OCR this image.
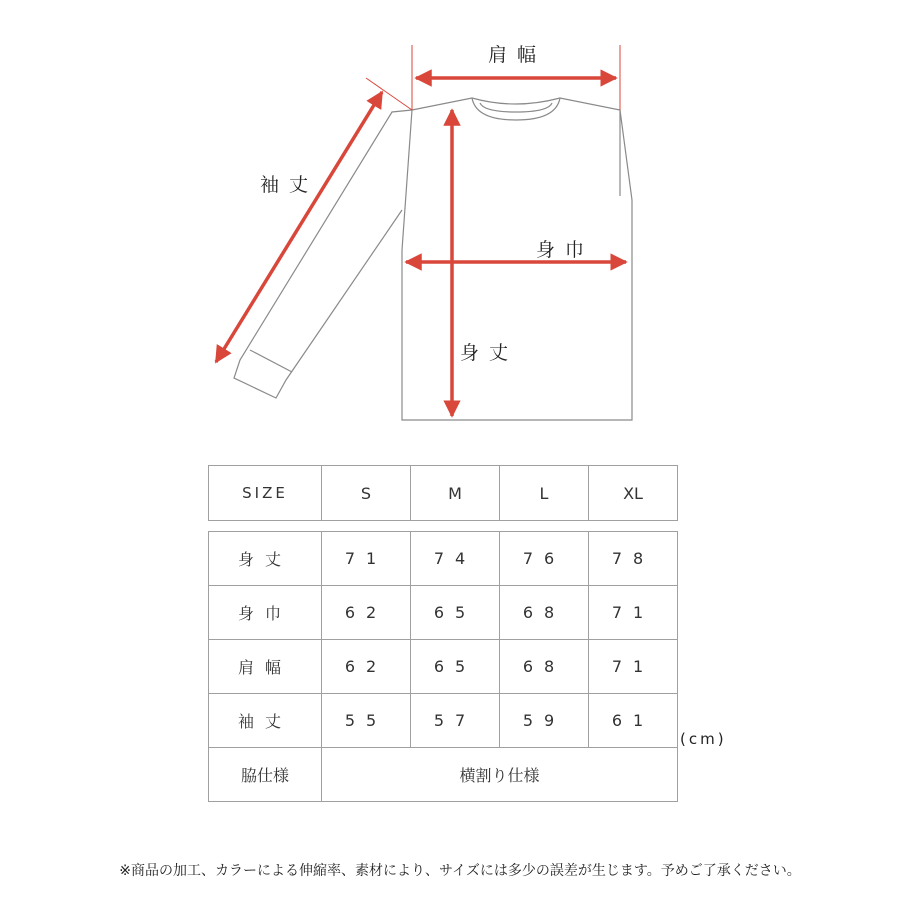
肩幅
袖丈
身巾
身丈
SIZE	S	M	L	XL

身丈	71	74	76	78
身巾	62	65	68	71
肩幅	62	65	68	71
袖丈	55	57	59	61
脇仕様	横割り仕様			
(cm)
※商品の加工、カラーによる伸縮率、素材により、サイズには多少の誤差が生じます。予めご了承ください。
